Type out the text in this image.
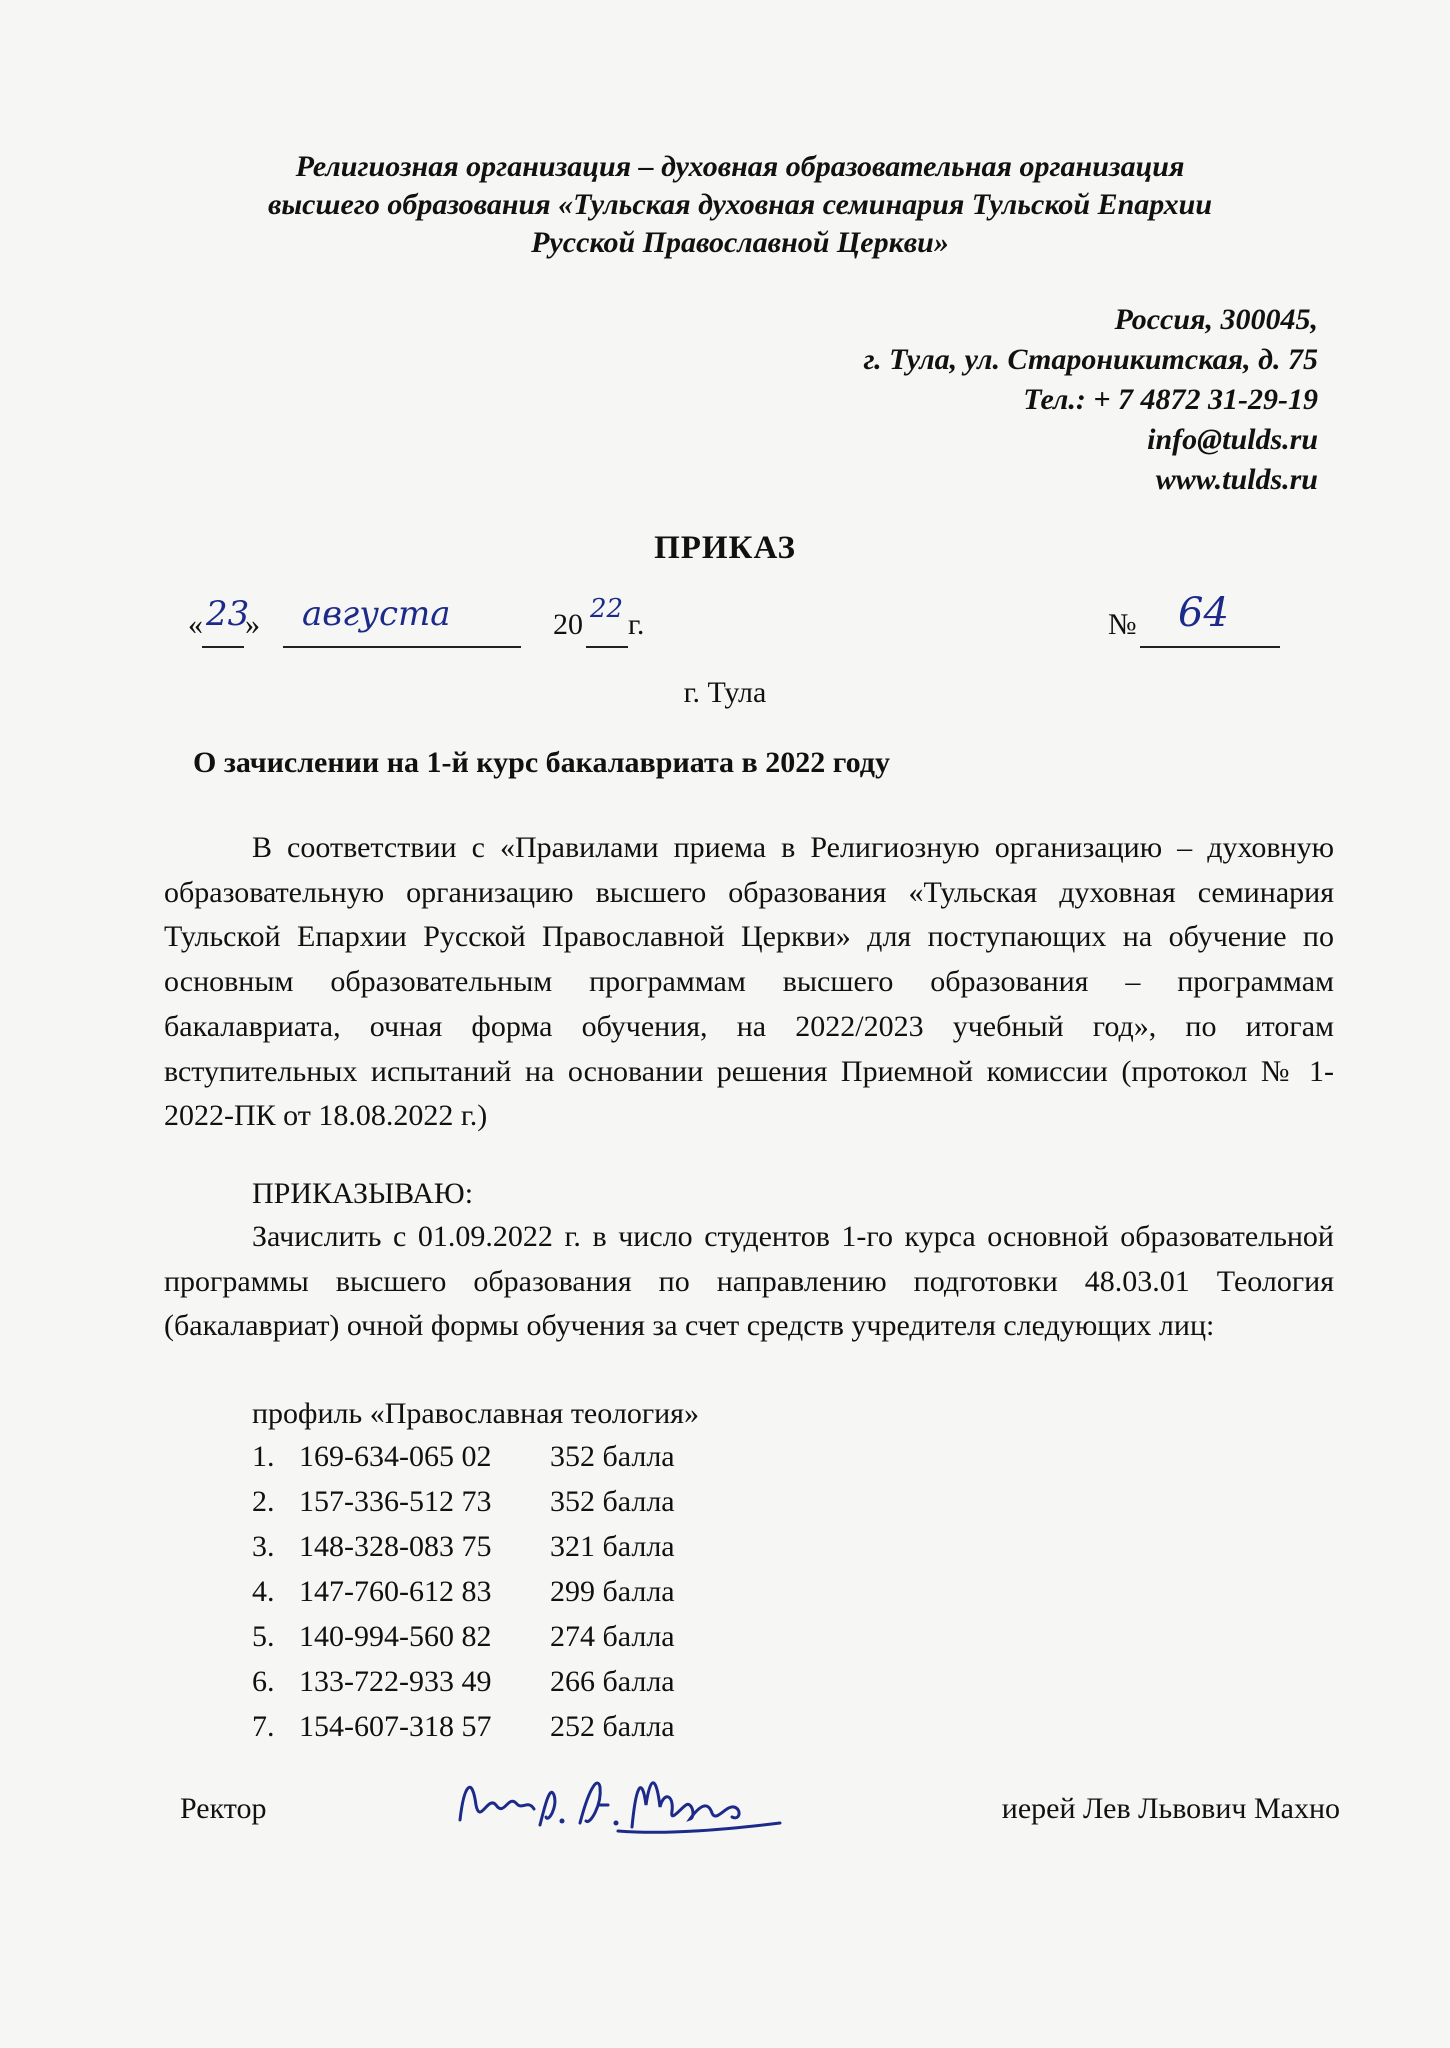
Религиозная организация – духовная образовательная организация
высшего образования «Тульская духовная семинария Тульской Епархии
Русской Православной Церкви»
Россия, 300045,
г. Тула, ул. Староникитская, д. 75
Тел.: + 7 4872 31-29-19
info@tulds.ru
www.tulds.ru
ПРИКАЗ
« 23
» августа	20 22 г.	№ 64
г. Тула
О зачислении на 1-й курс бакалавриата в 2022 году
В соответствии с «Правилами приема в Религиозную организацию – духовную образовательную организацию высшего образования «Тульская духовная семинария Тульской Епархии Русской Православной Церкви» для поступающих на обучение по основным образовательным программам высшего образования – программам бакалавриата, очная форма обучения, на 2022/2023 учебный год», по итогам вступительных испытаний на основании решения Приемной комиссии (протокол № 1-2022-ПК от 18.08.2022 г.)
ПРИКАЗЫВАЮ:
Зачислить с 01.09.2022 г. в число студентов 1-го курса основной образовательной программы высшего образования по направлению подготовки 48.03.01 Теология (бакалавриат) очной формы обучения за счет средств учредителя следующих лиц:
профиль «Православная теология»
1. 169-634-065 02 352 балла
2. 157-336-512 73 352 балла
3. 148-328-083 75 321 балла
4. 147-760-612 83 299 балла
5. 140-994-560 82 274 балла
6. 133-722-933 49 266 балла
7. 154-607-318 57 252 балла
Ректор	иерей Лев Львович Махно
